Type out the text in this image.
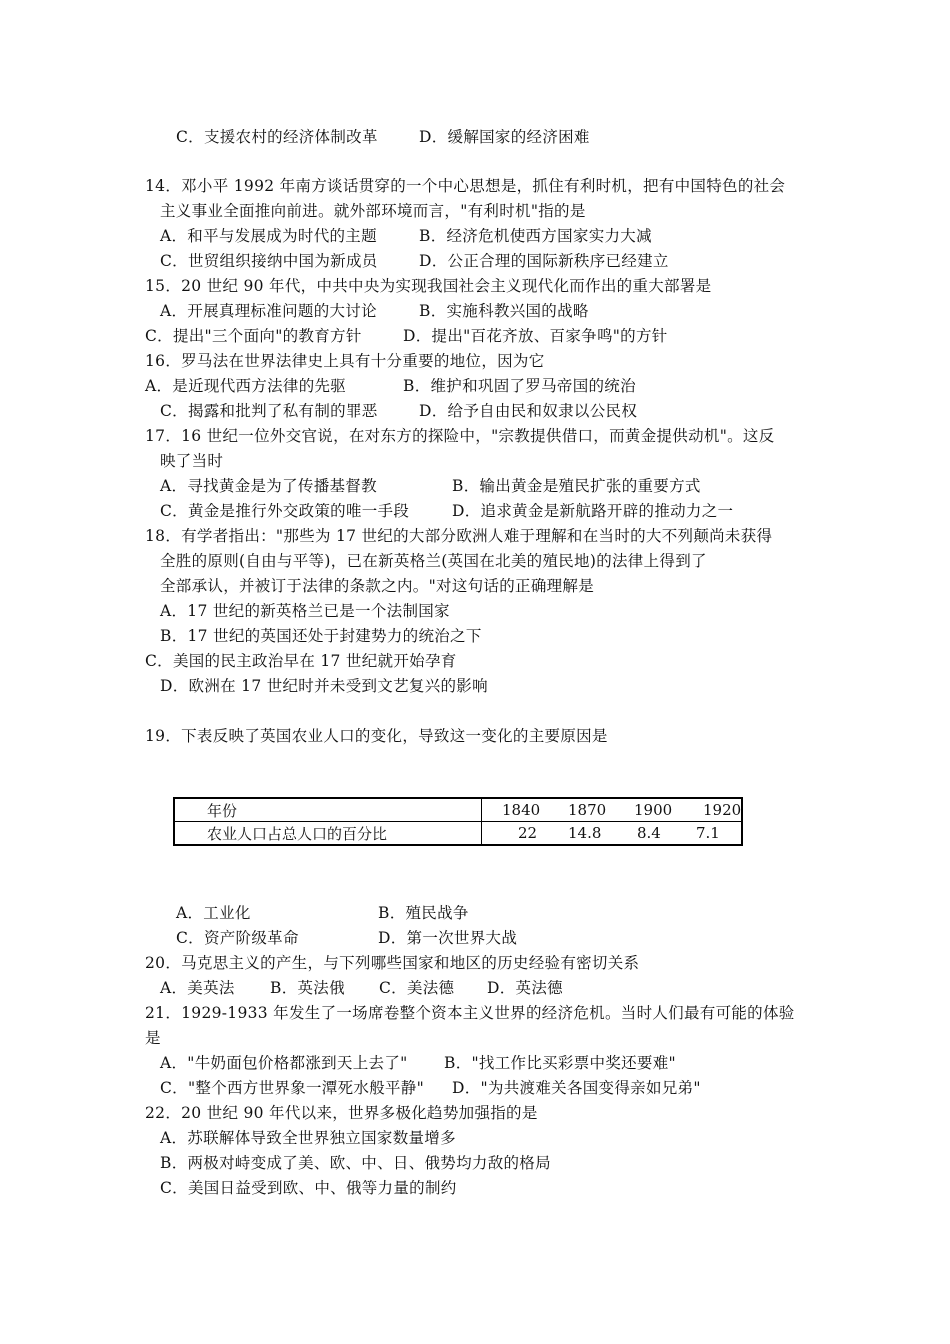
C．支援农村的经济体制改革	D．缓解国家的经济困难
14．邓小平 1992 年南方谈话贯穿的一个中心思想是，抓住有利时机，把有中国特色的社会
主义事业全面推向前进。就外部环境而言，"有利时机"指的是
A．和平与发展成为时代的主题	B．经济危机使西方国家实力大减
C．世贸组织接纳中国为新成员	D．公正合理的国际新秩序已经建立
15．20 世纪 90 年代，中共中央为实现我国社会主义现代化而作出的重大部署是
A．开展真理标准问题的大讨论	B．实施科教兴国的战略
C．提出"三个面向"的教育方针	D．提出"百花齐放、百家争鸣"的方针
16．罗马法在世界法律史上具有十分重要的地位，因为它
A．是近现代西方法律的先驱	B．维护和巩固了罗马帝国的统治
C．揭露和批判了私有制的罪恶	D．给予自由民和奴隶以公民权
17．16 世纪一位外交官说，在对东方的探险中，"宗教提供借口，而黄金提供动机"。这反
映了当时
A．寻找黄金是为了传播基督教	B．输出黄金是殖民扩张的重要方式
C．黄金是推行外交政策的唯一手段	D．追求黄金是新航路开辟的推动力之一
18．有学者指出："那些为 17 世纪的大部分欧洲人难于理解和在当时的大不列颠尚未获得
全胜的原则(自由与平等)，已在新英格兰(英国在北美的殖民地)的法律上得到了
全部承认，并被订于法律的条款之内。"对这句话的正确理解是
A．17 世纪的新英格兰已是一个法制国家
B．17 世纪的英国还处于封建势力的统治之下
C．美国的民主政治早在 17 世纪就开始孕育
D．欧洲在 17 世纪时并未受到文艺复兴的影响
19．下表反映了英国农业人口的变化，导致这一变化的主要原因是
年份	1840 1870 1900 1920

农业人口占总人口的百分比	22 14.8 8.4 7.1
A．工业化	B．殖民战争
C．资产阶级革命	D．第一次世界大战
20．马克思主义的产生，与下列哪些国家和地区的历史经验有密切关系
A．美英法 B．英法俄 C．美法德 D．英法德
21．1929-1933 年发生了一场席卷整个资本主义世界的经济危机。当时人们最有可能的体验
是
A．"牛奶面包价格都涨到天上去了" B．"找工作比买彩票中奖还要难"
C．"整个西方世界象一潭死水般平静" D．"为共渡难关各国变得亲如兄弟"
22．20 世纪 90 年代以来，世界多极化趋势加强指的是
A．苏联解体导致全世界独立国家数量增多
B．两极对峙变成了美、欧、中、日、俄势均力敌的格局
C．美国日益受到欧、中、俄等力量的制约
